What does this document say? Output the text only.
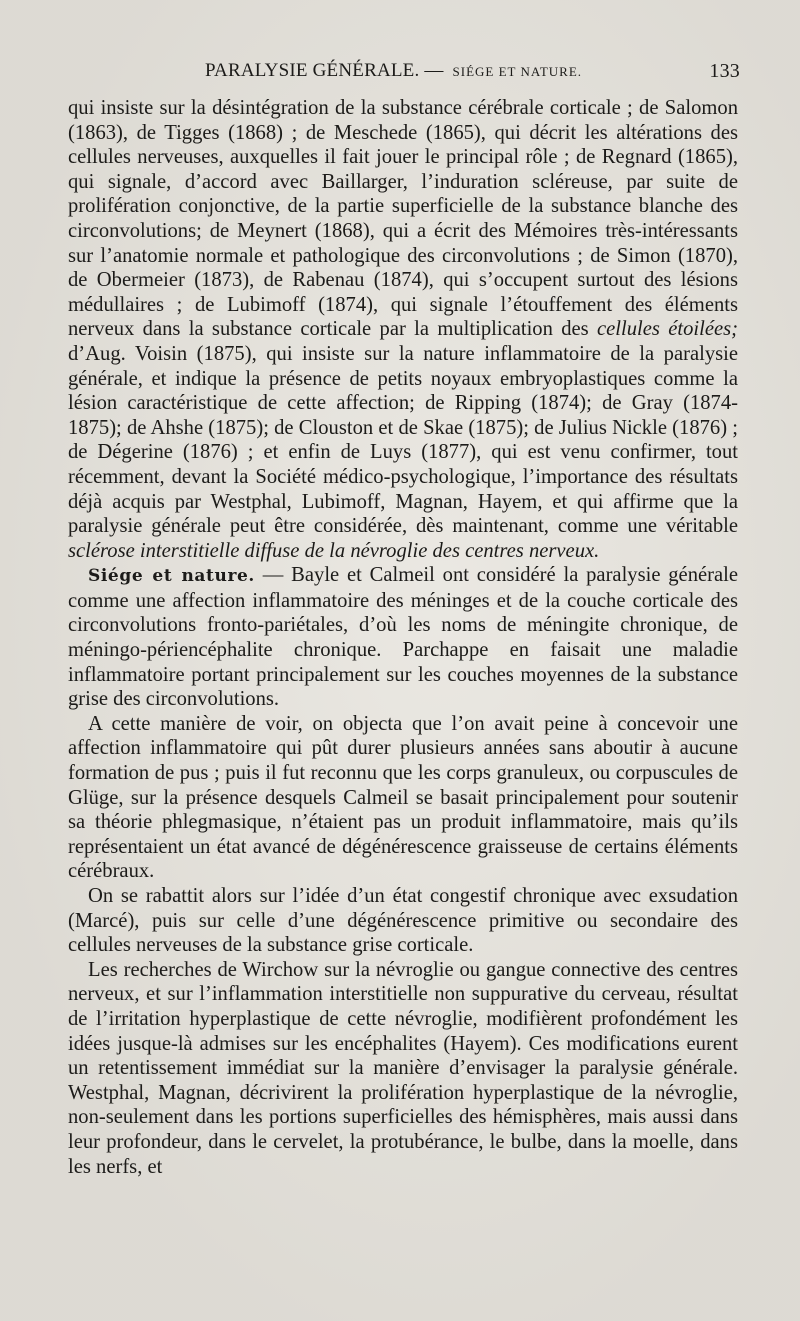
PARALYSIE GÉNÉRALE. — SIÉGE ET NATURE.	133

qui insiste sur la désintégration de la substance cérébrale corticale ; de Salomon (1863), de Tigges (1868) ; de Meschede (1865), qui décrit les altérations des cellules nerveuses, auxquelles il fait jouer le principal rôle ; de Regnard (1865), qui signale, d’accord avec Baillarger, l’induration scléreuse, par suite de prolifération conjonctive, de la partie superficielle de la substance blanche des circonvolutions; de Meynert (1868), qui a écrit des Mémoires très-intéressants sur l’anatomie normale et pathologique des circonvolutions ; de Simon (1870), de Obermeier (1873), de Rabenau (1874), qui s’occupent surtout des lésions médullaires ; de Lubimoff (1874), qui signale l’étouffement des éléments nerveux dans la substance corticale par la multiplication des cellules étoilées; d’Aug. Voisin (1875), qui insiste sur la nature inflammatoire de la paralysie générale, et indique la présence de petits noyaux embryoplastiques comme la lésion caractéristique de cette affection; de Ripping (1874); de Gray (1874-1875); de Ahshe (1875); de Clouston et de Skae (1875); de Julius Nickle (1876) ; de Dégerine (1876) ; et enfin de Luys (1877), qui est venu confirmer, tout récemment, devant la Société médico-psychologique, l’importance des résultats déjà acquis par Westphal, Lubimoff, Magnan, Hayem, et qui affirme que la paralysie générale peut être considérée, dès maintenant, comme une véritable sclérose interstitielle diffuse de la névroglie des centres nerveux.

Siége et nature. — Bayle et Calmeil ont considéré la paralysie générale comme une affection inflammatoire des méninges et de la couche corticale des circonvolutions fronto-pariétales, d’où les noms de méningite chronique, de méningo-périencéphalite chronique. Parchappe en faisait une maladie inflammatoire portant principalement sur les couches moyennes de la substance grise des circonvolutions.

A cette manière de voir, on objecta que l’on avait peine à concevoir une affection inflammatoire qui pût durer plusieurs années sans aboutir à aucune formation de pus ; puis il fut reconnu que les corps granuleux, ou corpuscules de Glüge, sur la présence desquels Calmeil se basait principalement pour soutenir sa théorie phlegmasique, n’étaient pas un produit inflammatoire, mais qu’ils représentaient un état avancé de dégénérescence graisseuse de certains éléments cérébraux.

On se rabattit alors sur l’idée d’un état congestif chronique avec exsudation (Marcé), puis sur celle d’une dégénérescence primitive ou secondaire des cellules nerveuses de la substance grise corticale.

Les recherches de Wirchow sur la névroglie ou gangue connective des centres nerveux, et sur l’inflammation interstitielle non suppurative du cerveau, résultat de l’irritation hyperplastique de cette névroglie, modifièrent profondément les idées jusque-là admises sur les encéphalites (Hayem). Ces modifications eurent un retentissement immédiat sur la manière d’envisager la paralysie générale. Westphal, Magnan, décrivirent la prolifération hyperplastique de la névroglie, non-seulement dans les portions superficielles des hémisphères, mais aussi dans leur profondeur, dans le cervelet, la protubérance, le bulbe, dans la moelle, dans les nerfs, et
